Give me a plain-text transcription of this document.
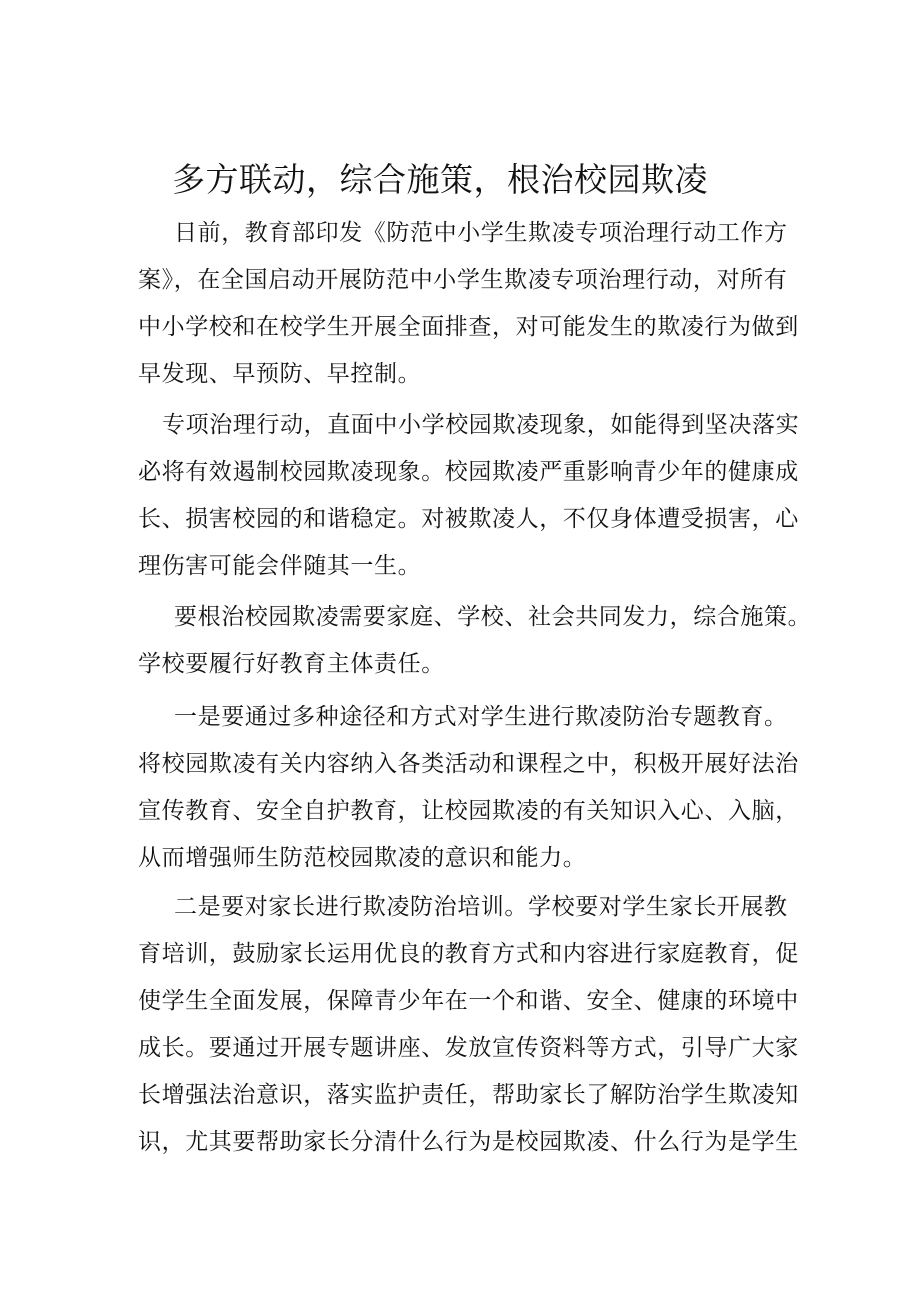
多方联动，综合施策，根治校园欺凌

日前，教育部印发《防范中小学生欺凌专项治理行动工作方
案》，在全国启动开展防范中小学生欺凌专项治理行动，对所有
中小学校和在校学生开展全面排查，对可能发生的欺凌行为做到
早发现、早预防、早控制。

专项治理行动，直面中小学校园欺凌现象，如能得到坚决落实
必将有效遏制校园欺凌现象。校园欺凌严重影响青少年的健康成
长、损害校园的和谐稳定。对被欺凌人，不仅身体遭受损害，心
理伤害可能会伴随其一生。

要根治校园欺凌需要家庭、学校、社会共同发力，综合施策。
学校要履行好教育主体责任。

一是要通过多种途径和方式对学生进行欺凌防治专题教育。
将校园欺凌有关内容纳入各类活动和课程之中，积极开展好法治
宣传教育、安全自护教育，让校园欺凌的有关知识入心、入脑，
从而增强师生防范校园欺凌的意识和能力。

二是要对家长进行欺凌防治培训。学校要对学生家长开展教
育培训，鼓励家长运用优良的教育方式和内容进行家庭教育，促
使学生全面发展，保障青少年在一个和谐、安全、健康的环境中
成长。要通过开展专题讲座、发放宣传资料等方式，引导广大家
长增强法治意识，落实监护责任，帮助家长了解防治学生欺凌知
识，尤其要帮助家长分清什么行为是校园欺凌、什么行为是学生
